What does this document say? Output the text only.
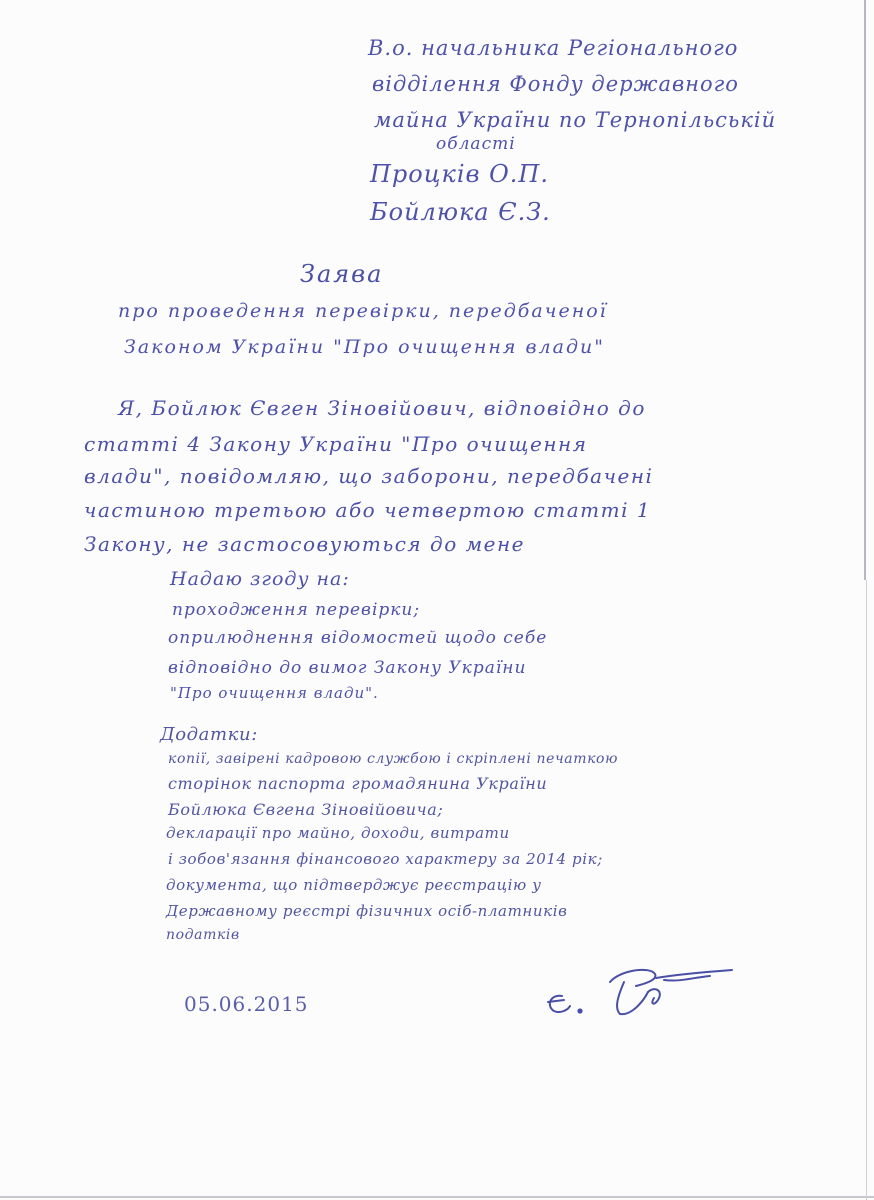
В.о. начальника Регіонального
відділення Фонду державного
майна України по Тернопільській
області
Процків О.П.
Бойлюка Є.З.
Заява
про проведення перевірки, передбаченої
Законом України "Про очищення влади"
Я, Бойлюк Євген Зіновійович, відповідно до
статті 4 Закону України "Про очищення
влади", повідомляю, що заборони, передбачені
частиною третьою або четвертою статті 1
Закону, не застосовуються до мене
Надаю згоду на:
проходження перевірки;
оприлюднення відомостей щодо себе
відповідно до вимог Закону України
"Про очищення влади".
Додатки:
копії, завірені кадровою службою і скріплені печаткою
сторінок паспорта громадянина України
Бойлюка Євгена Зіновійовича;
декларації про майно, доходи, витрати
і зобов'язання фінансового характеру за 2014 рік;
документа, що підтверджує реєстрацію у
Державному реєстрі фізичних осіб-платників
податків
05.06.2015
